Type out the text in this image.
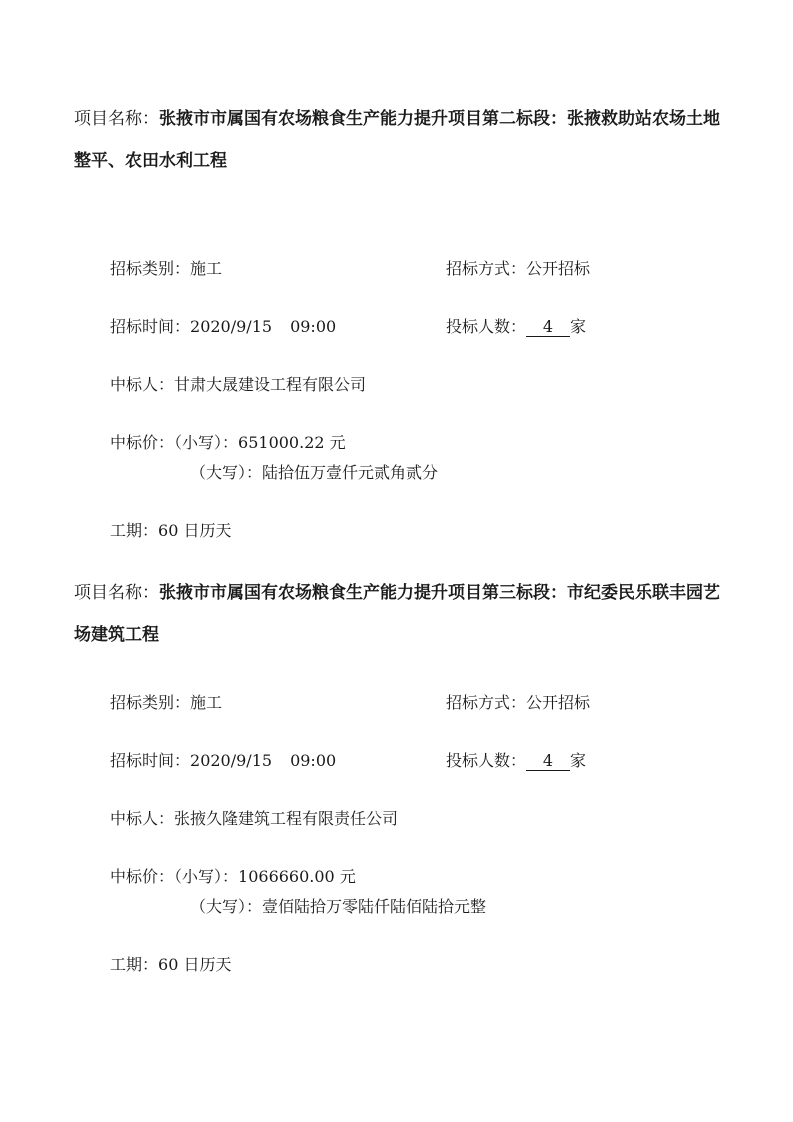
项目名称：张掖市市属国有农场粮食生产能力提升项目第二标段：张掖救助站农场土地整平、农田水利工程

招标类别：施工	招标方式：公开招标
招标时间：2020/9/15 09:00	投标人数： 4 家
中标人：甘肃大晟建设工程有限公司
中标价：（小写）：651000.22 元
（大写）：陆拾伍万壹仟元贰角贰分
工期：60 日历天

项目名称：张掖市市属国有农场粮食生产能力提升项目第三标段：市纪委民乐联丰园艺场建筑工程

招标类别：施工	招标方式：公开招标
招标时间：2020/9/15 09:00	投标人数： 4 家
中标人：张掖久隆建筑工程有限责任公司
中标价：（小写）：1066660.00 元
（大写）：壹佰陆拾万零陆仟陆佰陆拾元整
工期：60 日历天
